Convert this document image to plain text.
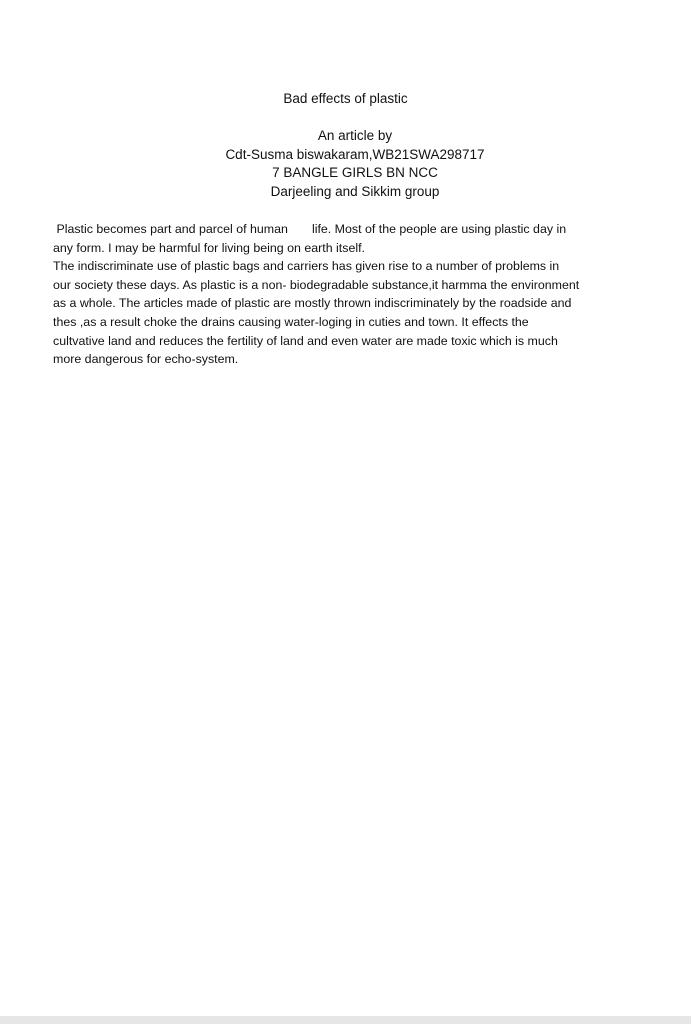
Bad effects of plastic
An article by
Cdt-Susma biswakaram,WB21SWA298717
7 BANGLE GIRLS BN NCC
Darjeeling and Sikkim group
Plastic becomes part and parcel of human       life. Most of the people are using plastic day in
any form. I may be harmful for living being on earth itself.
The indiscriminate use of plastic bags and carriers has given rise to a number of problems in
our society these days. As plastic is a non- biodegradable substance,it harmma the environment
as a whole. The articles made of plastic are mostly thrown indiscriminately by the roadside and
thes ,as a result choke the drains causing water-loging in cuties and town. It effects the
cultvative land and reduces the fertility of land and even water are made toxic which is much
more dangerous for echo-system.
